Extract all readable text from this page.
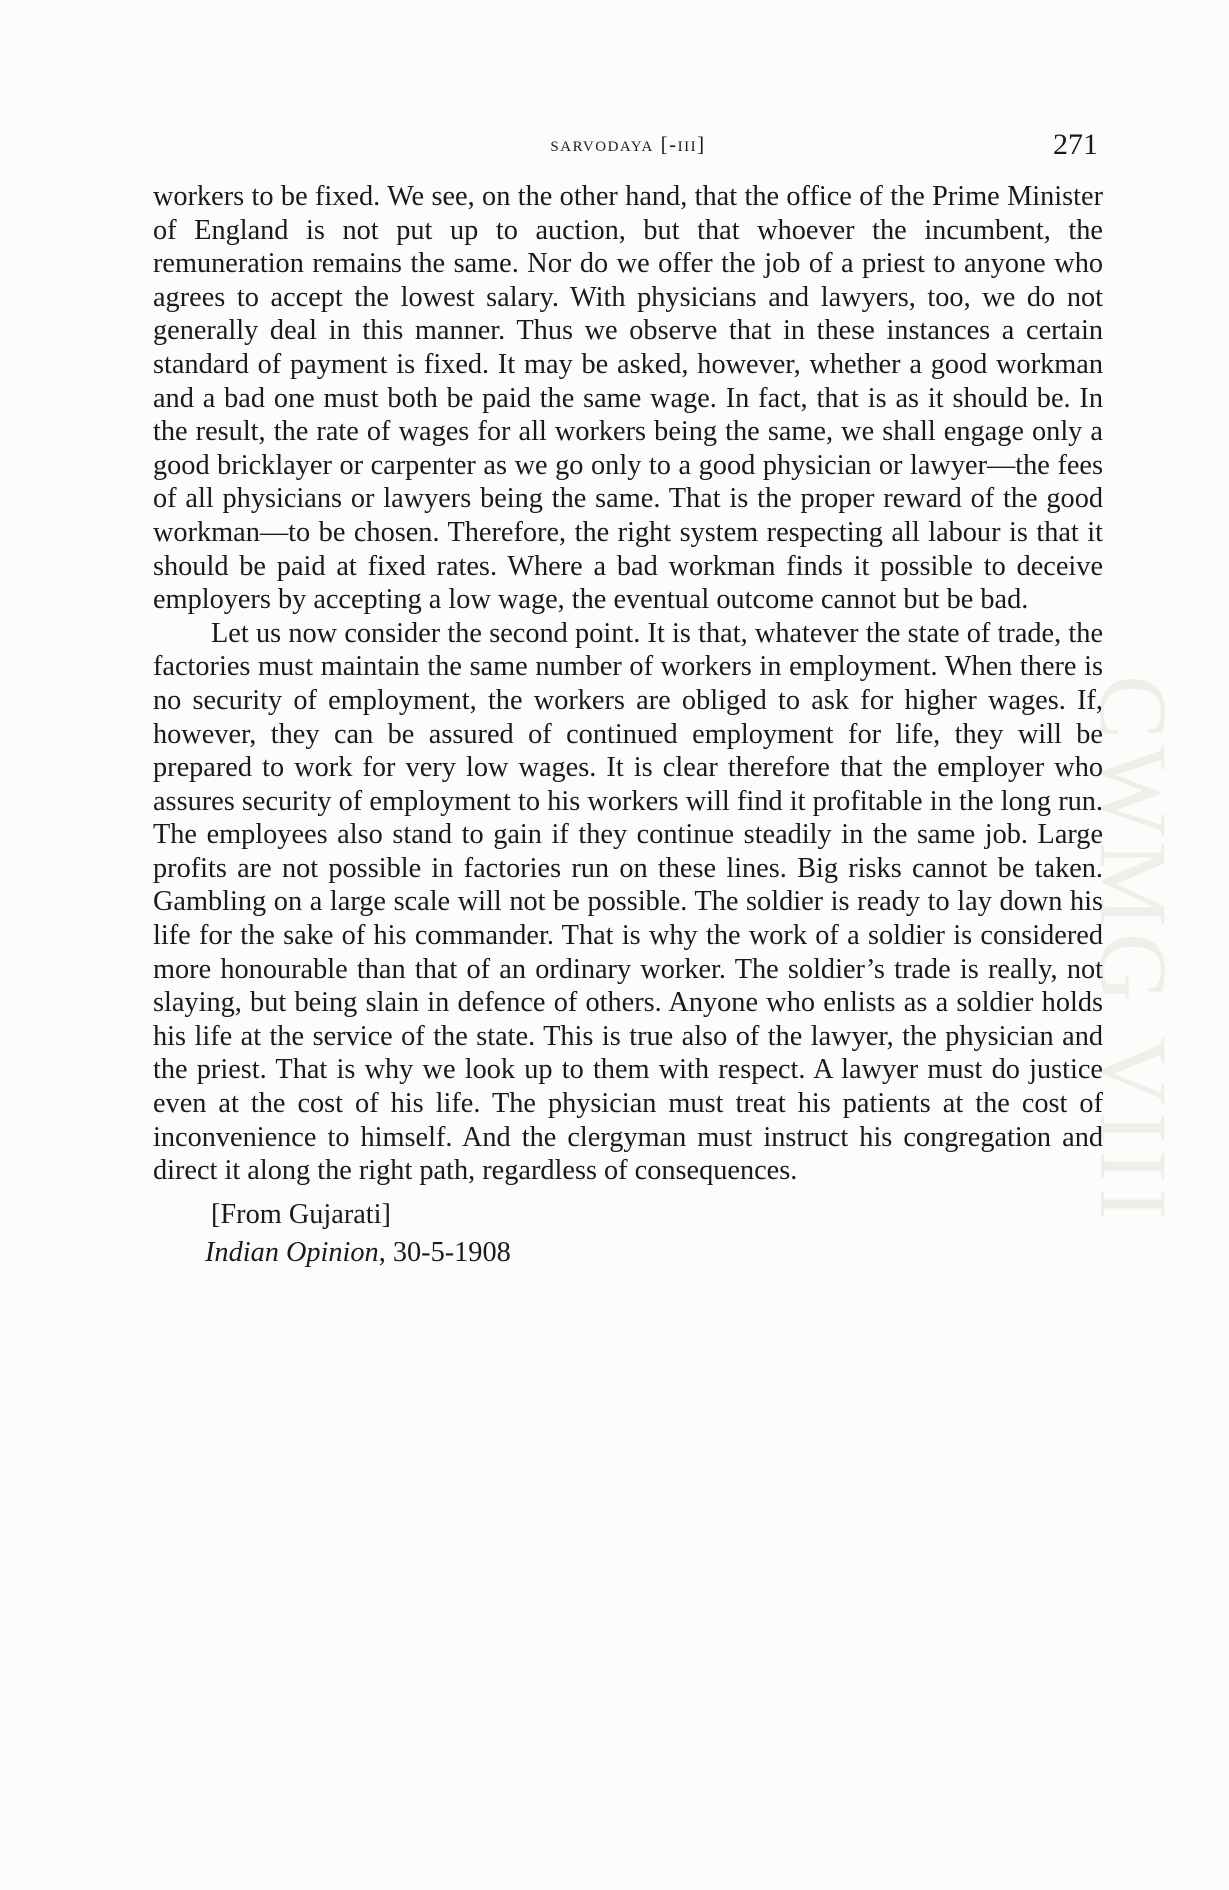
CWMG VIII
sarvodaya [-iii]	271

workers to be fixed. We see, on the other hand, that the office of the Prime Minister of England is not put up to auction, but that whoever the incumbent, the remuneration remains the same. Nor do we offer the job of a priest to anyone who agrees to accept the lowest salary. With physicians and lawyers, too, we do not generally deal in this manner. Thus we observe that in these instances a certain standard of payment is fixed. It may be asked, however, whether a good workman and a bad one must both be paid the same wage. In fact, that is as it should be. In the result, the rate of wages for all workers being the same, we shall engage only a good bricklayer or carpenter as we go only to a good physician or lawyer—the fees of all physicians or lawyers being the same. That is the proper reward of the good workman—to be chosen. Therefore, the right system respecting all labour is that it should be paid at fixed rates. Where a bad workman finds it possible to deceive employers by accepting a low wage, the eventual outcome cannot but be bad.

Let us now consider the second point. It is that, whatever the state of trade, the factories must maintain the same number of workers in employment. When there is no security of employment, the workers are obliged to ask for higher wages. If, however, they can be assured of continued employment for life, they will be prepared to work for very low wages. It is clear therefore that the employer who assures security of employment to his workers will find it profitable in the long run. The employees also stand to gain if they continue steadily in the same job. Large profits are not possible in factories run on these lines. Big risks cannot be taken. Gambling on a large scale will not be possible. The soldier is ready to lay down his life for the sake of his commander. That is why the work of a soldier is considered more honourable than that of an ordinary worker. The soldier’s trade is really, not slaying, but being slain in defence of others. Anyone who enlists as a soldier holds his life at the service of the state. This is true also of the lawyer, the physician and the priest. That is why we look up to them with respect. A lawyer must do justice even at the cost of his life. The physician must treat his patients at the cost of inconvenience to himself. And the clergyman must instruct his congregation and direct it along the right path, regardless of consequences.

[From Gujarati]
Indian Opinion, 30-5-1908
